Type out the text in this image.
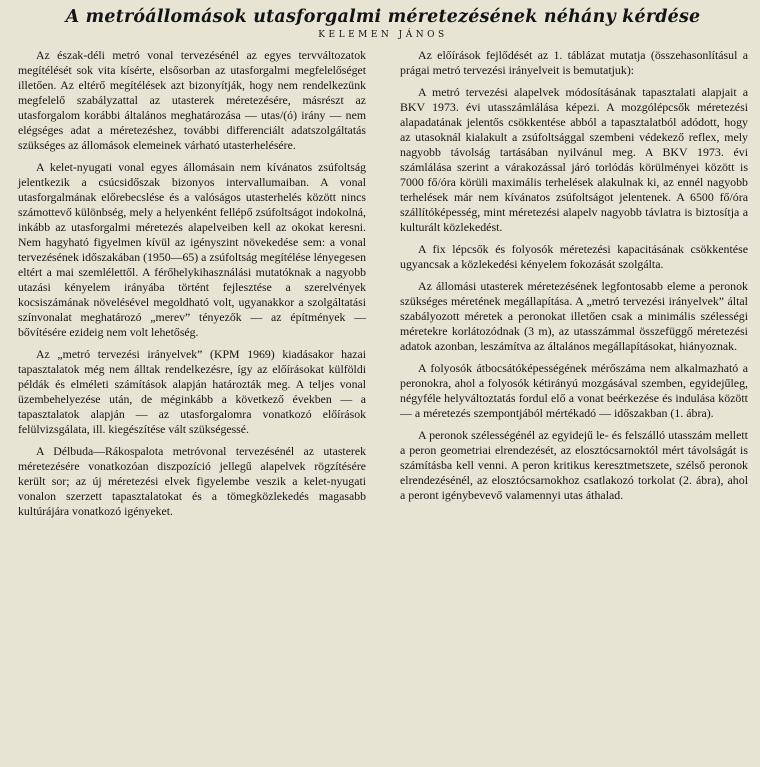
A metróállomások utasforgalmi méretezésének néhány kérdése
KELEMEN JÁNOS

Az észak-déli metró vonal tervezésénél az egyes tervváltozatok megítélését sok vita kísérte, elsősorban az utasforgalmi megfelelőséget illetően. Az eltérő megítélések azt bizonyítják, hogy nem rendelkezünk megfelelő szabályzattal az utasterek méretezésére, másrészt az utasforgalom korábbi általános meghatározása — utas/(ó) irány — nem elégséges adat a méretezéshez, további differenciált adatszolgáltatás szükséges az állomások elemeinek várható utasterhelésére.

A kelet-nyugati vonal egyes állomásain nem kívánatos zsúfoltság jelentkezik a csúcsidőszak bizonyos intervallumaiban. A vonal utasforgalmának előrebecslése és a valóságos utasterhelés között nincs számottevő különbség, mely a helyenként fellépő zsúfoltságot indokolná, inkább az utasforgalmi méretezés alapelveiben kell az okokat keresni. Nem hagyható figyelmen kívül az igényszint növekedése sem: a vonal tervezésének időszakában (1950—65) a zsúfoltság megítélése lényegesen eltért a mai szemlélettől. A férőhelykihasználási mutatóknak a nagyobb utazási kényelem irányába történt fejlesztése a szerelvények kocsiszámának növelésével megoldható volt, ugyanakkor a szolgáltatási színvonalat meghatározó „merev” tényezők — az építmények — bővítésére ezideig nem volt lehetőség.

Az „metró tervezési irányelvek” (KPM 1969) kiadásakor hazai tapasztalatok még nem álltak rendelkezésre, így az előírásokat külföldi példák és elméleti számítások alapján határozták meg. A teljes vonal üzembehelyezése után, de méginkább a következő években — a tapasztalatok alapján — az utasforgalomra vonatkozó előírások felülvizsgálata, ill. kiegészítése vált szükségessé.

A Délbuda—Rákospalota metróvonal tervezésénél az utasterek méretezésére vonatkozóan diszpozíció jellegű alapelvek rögzítésére került sor; az új méretezési elvek figyelembe veszik a kelet-nyugati vonalon szerzett tapasztalatokat és a tömegközlekedés magasabb kultúrájára vonatkozó igényeket.

Az előírások fejlődését az 1. táblázat mutatja (összehasonlításul a prágai metró tervezési irányelveit is bemutatjuk):

A metró tervezési alapelvek módosításának tapasztalati alapjait a BKV 1973. évi utasszámlálása képezi. A mozgólépcsők méretezési alapadatának jelentős csökkentése abból a tapasztalatból adódott, hogy az utasoknál kialakult a zsúfoltsággal szembeni védekező reflex, mely nagyobb távolság tartásában nyilvánul meg. A BKV 1973. évi számlálása szerint a várakozással járó torlódás körülményei között is 7000 fő/óra körüli maximális terhelések alakulnak ki, az ennél nagyobb terhelések már nem kívánatos zsúfoltságot jelentenek. A 6500 fő/óra szállítóképesség, mint méretezési alapelv nagyobb távlatra is biztosítja a kulturált közlekedést.

A fix lépcsők és folyosók méretezési kapacitásának csökkentése ugyancsak a közlekedési kényelem fokozását szolgálta.

Az állomási utasterek méretezésének legfontosabb eleme a peronok szükséges méretének megállapítása. A „metró tervezési irányelvek” által szabályozott méretek a peronokat illetően csak a minimális szélességi méretekre korlátozódnak (3 m), az utasszámmal összefüggő méretezési adatok azonban, leszámítva az általános megállapításokat, hiányoznak.

A folyosók átbocsátóképességének mérőszáma nem alkalmazható a peronokra, ahol a folyosók kétirányú mozgásával szemben, egyidejűleg, négyféle helyváltoztatás fordul elő a vonat beérkezése és indulása között — a méretezés szempontjából mértékadó — időszakban (1. ábra).

A peronok szélességénél az egyidejű le- és felszálló utasszám mellett a peron geometriai elrendezését, az elosztócsarnoktól mért távolságát is számításba kell venni. A peron kritikus keresztmetszete, szélső peronok elrendezésénél, az elosztócsarnokhoz csatlakozó torkolat (2. ábra), ahol a peront igénybevevő valamennyi utas áthalad.
